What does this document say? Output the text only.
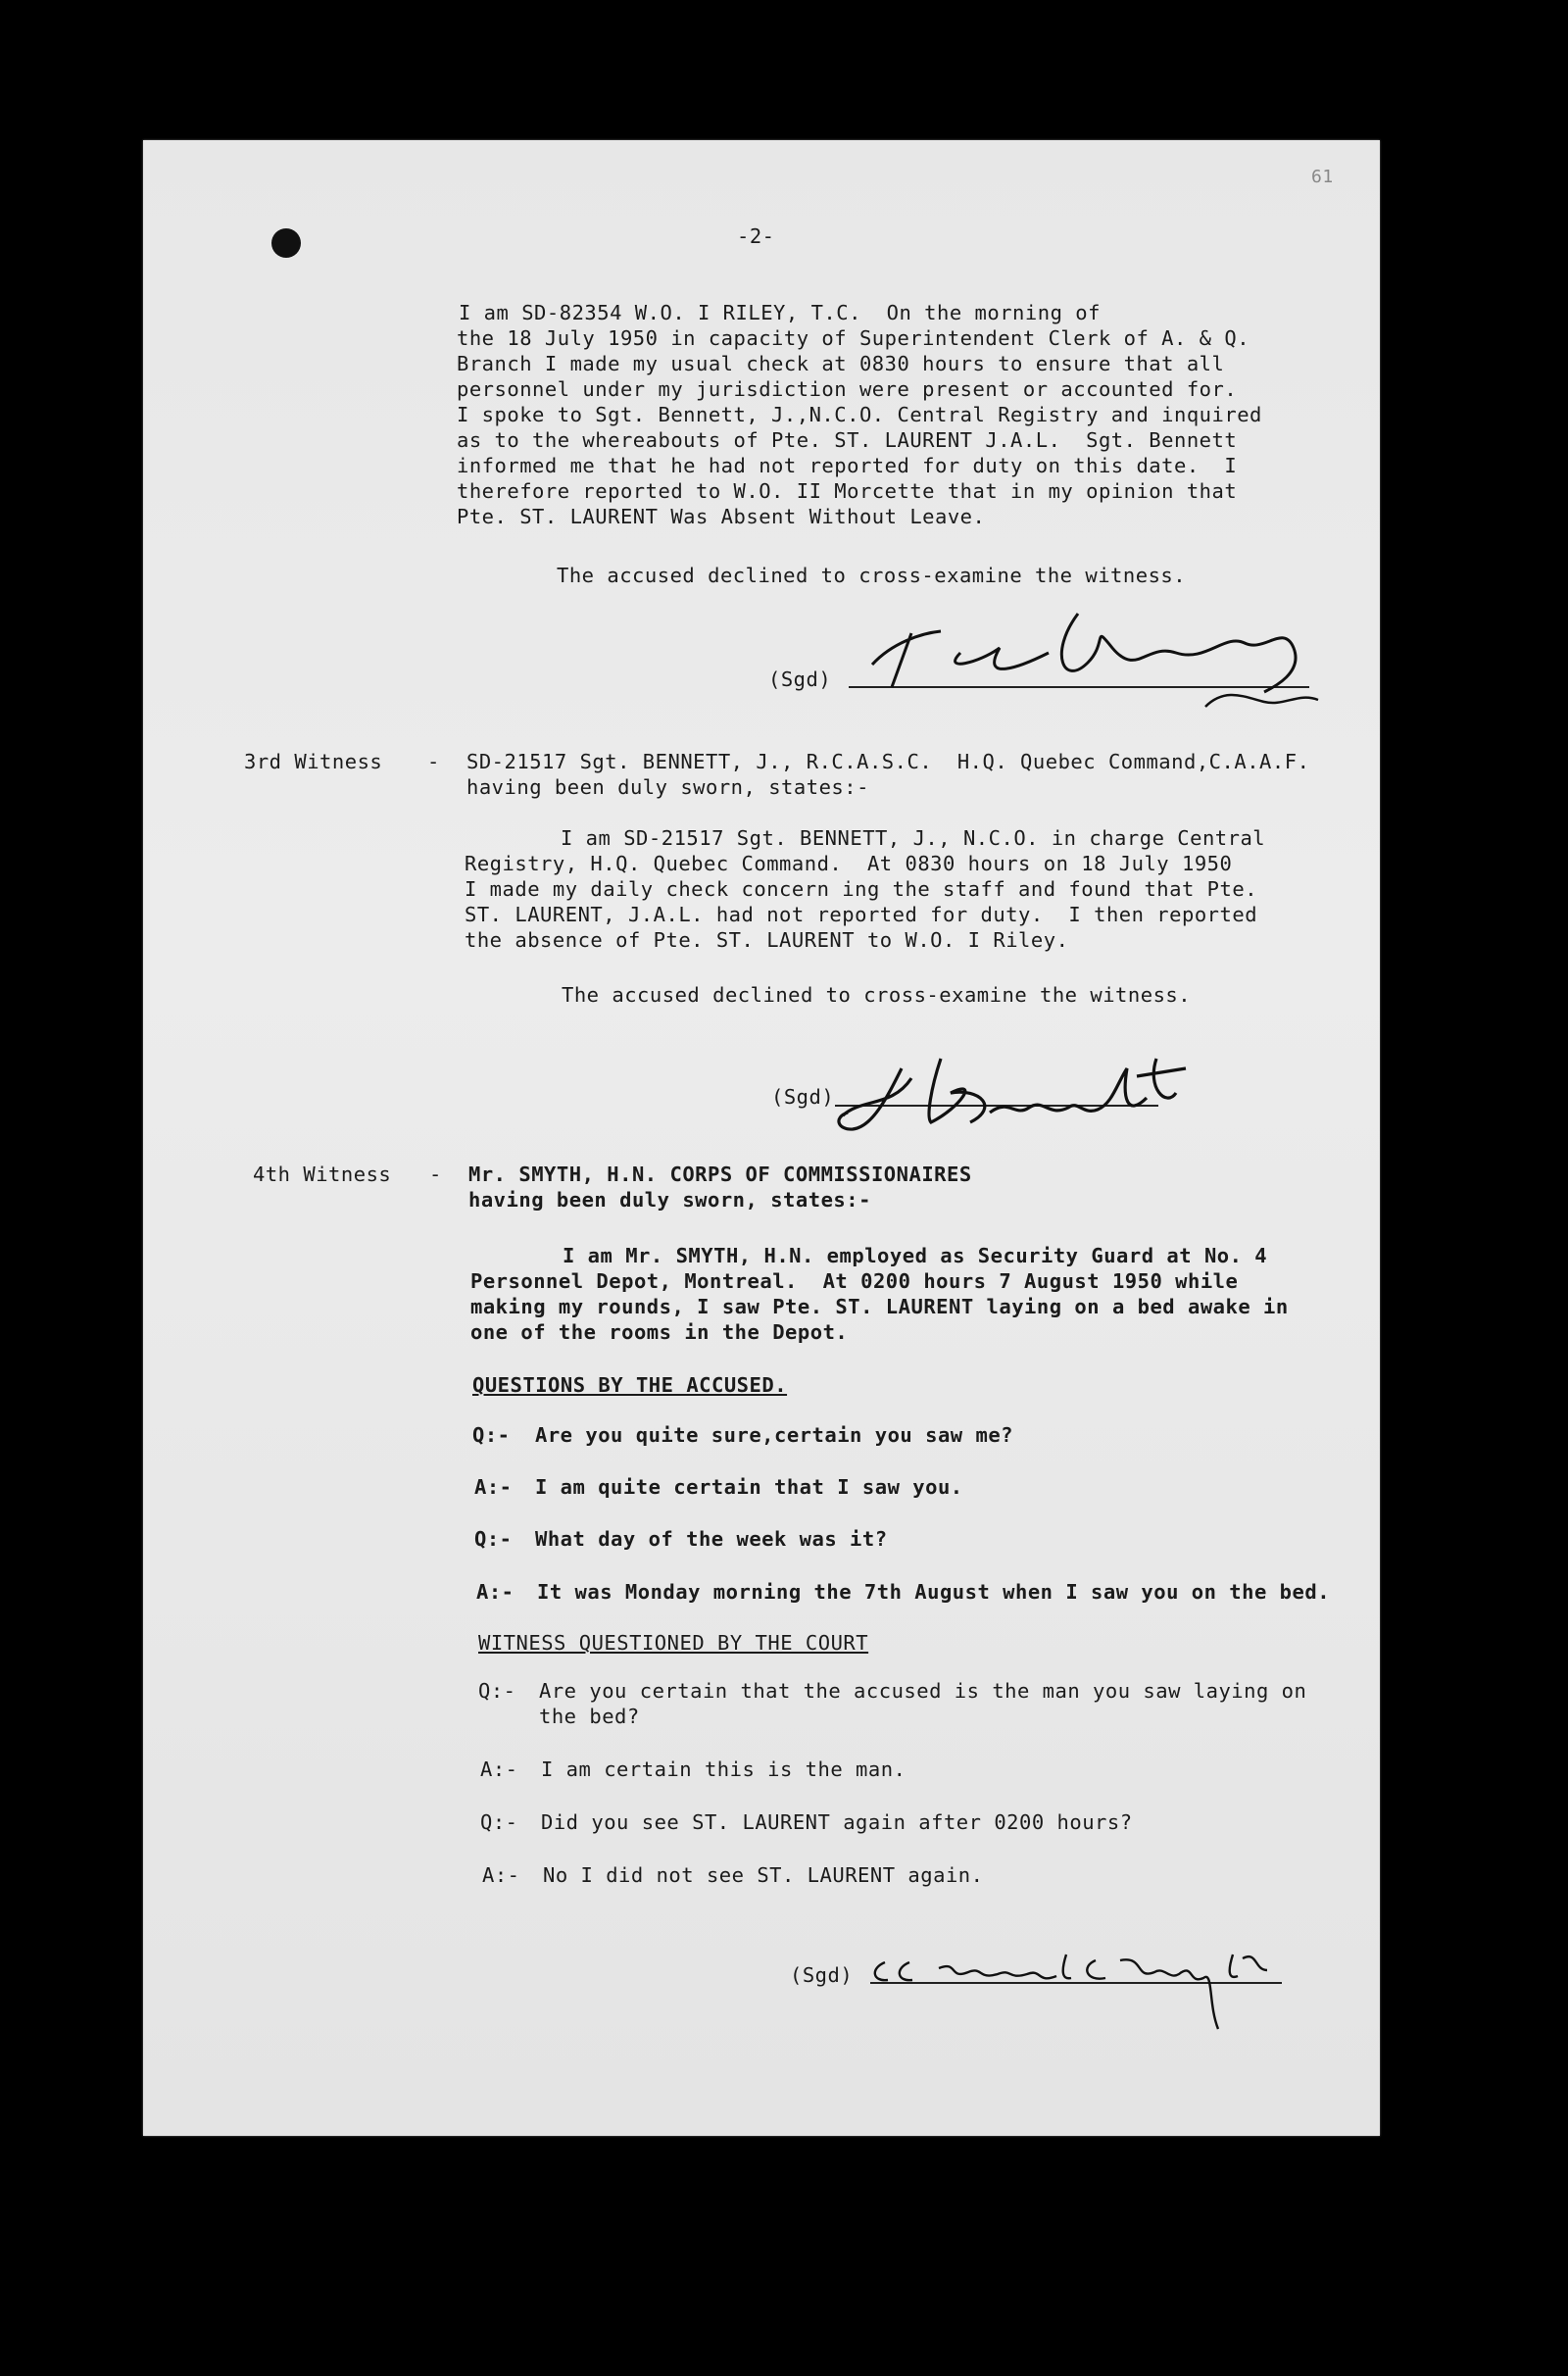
61
-2-
I am SD-82354 W.O. I RILEY, T.C.  On the morning of
the 18 July 1950 in capacity of Superintendent Clerk of A. & Q.
Branch I made my usual check at 0830 hours to ensure that all
personnel under my jurisdiction were present or accounted for.
I spoke to Sgt. Bennett, J.,N.C.O. Central Registry and inquired
as to the whereabouts of Pte. ST. LAURENT J.A.L.  Sgt. Bennett
informed me that he had not reported for duty on this date.  I
therefore reported to W.O. II Morcette that in my opinion that
Pte. ST. LAURENT Was Absent Without Leave.
The accused declined to cross-examine the witness.
(Sgd)
3rd Witness - SD-21517 Sgt. BENNETT, J., R.C.A.S.C.  H.Q. Quebec Command,C.A.A.F.
having been duly sworn, states:-
I am SD-21517 Sgt. BENNETT, J., N.C.O. in charge Central
Registry, H.Q. Quebec Command.  At 0830 hours on 18 July 1950
I made my daily check concern ing the staff and found that Pte.
ST. LAURENT, J.A.L. had not reported for duty.  I then reported
the absence of Pte. ST. LAURENT to W.O. I Riley.
The accused declined to cross-examine the witness.
(Sgd)
4th Witness - Mr. SMYTH, H.N. CORPS OF COMMISSIONAIRES
having been duly sworn, states:-
I am Mr. SMYTH, H.N. employed as Security Guard at No. 4
Personnel Depot, Montreal.  At 0200 hours 7 August 1950 while
making my rounds, I saw Pte. ST. LAURENT laying on a bed awake in
one of the rooms in the Depot.
QUESTIONS BY THE ACCUSED.
Q:- Are you quite sure,certain you saw me?
A:- I am quite certain that I saw you.
Q:- What day of the week was it?
A:- It was Monday morning the 7th August when I saw you on the bed.
WITNESS QUESTIONED BY THE COURT
Q:- Are you certain that the accused is the man you saw laying on
the bed?
A:- I am certain this is the man.
Q:- Did you see ST. LAURENT again after 0200 hours?
A:- No I did not see ST. LAURENT again.
(Sgd)
